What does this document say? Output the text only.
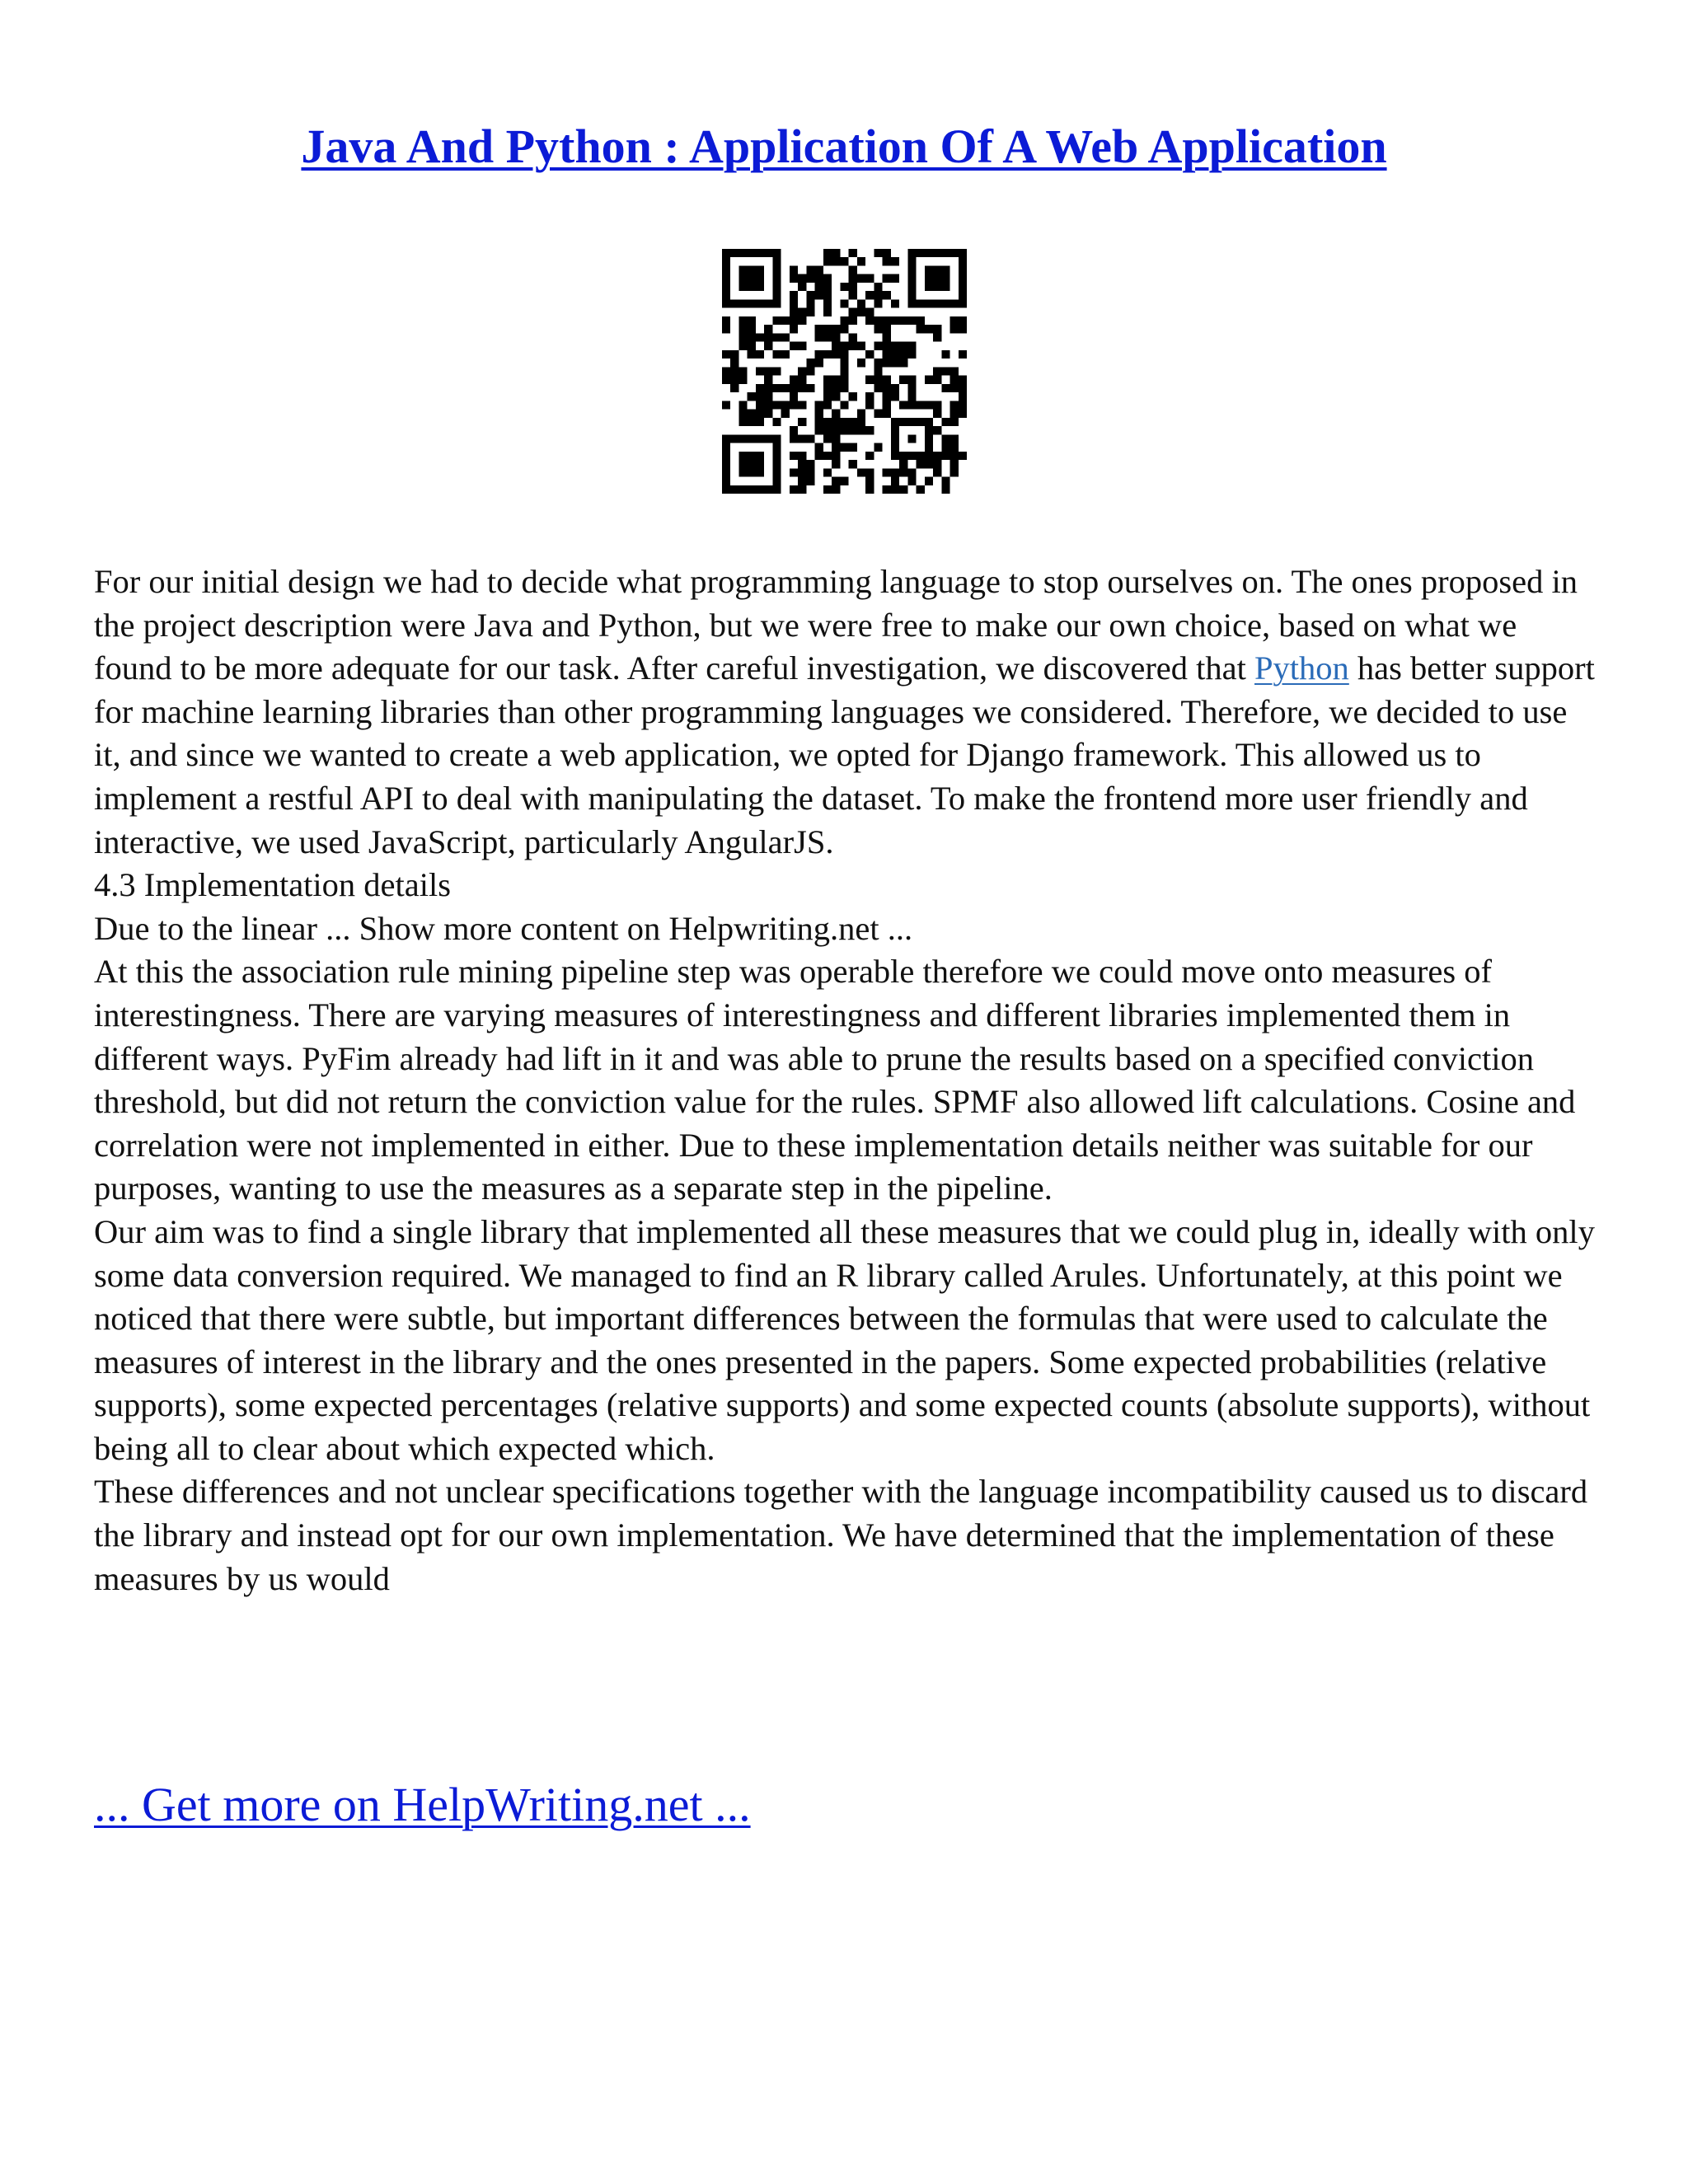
Java And Python : Application Of A Web Application

For our initial design we had to decide what programming language to stop ourselves on. The ones proposed in the project description were Java and Python, but we were free to make our own choice, based on what we found to be more adequate for our task. After careful investigation, we discovered that Python has better support for machine learning libraries than other programming languages we considered. Therefore, we decided to use it, and since we wanted to create a web application, we opted for Django framework. This allowed us to implement a restful API to deal with manipulating the dataset. To make the frontend more user friendly and interactive, we used JavaScript, particularly AngularJS.

4.3 Implementation details

Due to the linear ... Show more content on Helpwriting.net ...

At this the association rule mining pipeline step was operable therefore we could move onto measures of interestingness. There are varying measures of interestingness and different libraries implemented them in different ways. PyFim already had lift in it and was able to prune the results based on a specified conviction threshold, but did not return the conviction value for the rules. SPMF also allowed lift calculations. Cosine and correlation were not implemented in either. Due to these implementation details neither was suitable for our purposes, wanting to use the measures as a separate step in the pipeline.

Our aim was to find a single library that implemented all these measures that we could plug in, ideally with only some data conversion required. We managed to find an R library called Arules. Unfortunately, at this point we noticed that there were subtle, but important differences between the formulas that were used to calculate the measures of interest in the library and the ones presented in the papers. Some expected probabilities (relative supports), some expected percentages (relative supports) and some expected counts (absolute supports), without being all to clear about which expected which.

These differences and not unclear specifications together with the language incompatibility caused us to discard the library and instead opt for our own implementation. We have determined that the implementation of these measures by us would

... Get more on HelpWriting.net ...
